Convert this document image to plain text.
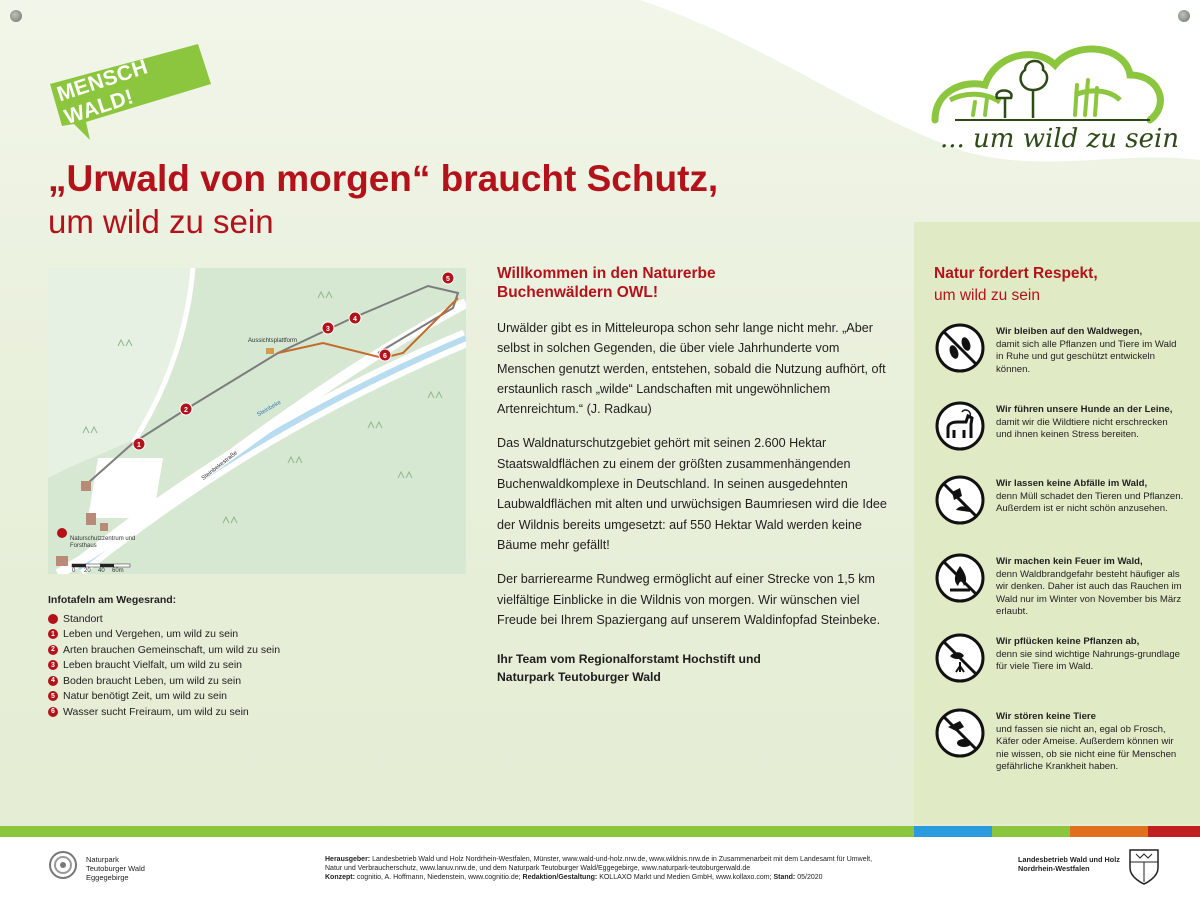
MENSCH WALD!
... um wild zu sein
„Urwald von morgen“ braucht Schutz,
um wild zu sein
1
2
3
4
5
6
Aussichtsplattform
Naturschutzzentrum und Forsthaus
Steinbekestraße
Steinbeke
0 20 40 60m
Infotafeln am Wegesrand:
Standort
1 Leben und Vergehen, um wild zu sein
2 Arten brauchen Gemeinschaft, um wild zu sein
3 Leben braucht Vielfalt, um wild zu sein
4 Boden braucht Leben, um wild zu sein
5 Natur benötigt Zeit, um wild zu sein
6 Wasser sucht Freiraum, um wild zu sein
Willkommen in den Naturerbe
Buchenwäldern OWL!

Urwälder gibt es in Mitteleuropa schon sehr lange nicht mehr. „Aber selbst in solchen Gegenden, die über viele Jahrhunderte vom Menschen genutzt werden, entstehen, sobald die Nutzung aufhört, oft erstaunlich rasch „wilde“ Landschaften mit ungewöhnlichem Artenreichtum.“ (J. Radkau)

Das Waldnaturschutzgebiet gehört mit seinen 2.600 Hektar Staatswaldflächen zu einem der größten zusammenhängenden Buchenwaldkomplexe in Deutschland. In seinen ausgedehnten Laubwaldflächen mit alten und urwüchsigen Baumriesen wird die Idee der Wildnis bereits umgesetzt: auf 550 Hektar Wald werden keine Bäume mehr gefällt!

Der barrierearme Rundweg ermöglicht auf einer Strecke von 1,5 km vielfältige Einblicke in die Wildnis von morgen. Wir wünschen viel Freude bei Ihrem Spaziergang auf unserem Waldinfopfad Steinbeke.

Ihr Team vom Regionalforstamt Hochstift und
Naturpark Teutoburger Wald
Natur fordert Respekt,
um wild zu sein
Wir bleiben auf den Waldwegen,
damit sich alle Pflanzen und Tiere im Wald in Ruhe und gut geschützt entwickeln können.
Wir führen unsere Hunde an der Leine,
damit wir die Wildtiere nicht erschrecken und ihnen keinen Stress bereiten.
Wir lassen keine Abfälle im Wald,
denn Müll schadet den Tieren und Pflanzen. Außerdem ist er nicht schön anzusehen.
Wir machen kein Feuer im Wald,
denn Waldbrandgefahr besteht häufiger als wir denken. Daher ist auch das Rauchen im Wald nur im Winter von November bis März erlaubt.
Wir pflücken keine Pflanzen ab,
denn sie sind wichtige Nahrungs-grundlage für viele Tiere im Wald.
Wir stören keine Tiere
und fassen sie nicht an, egal ob Frosch, Käfer oder Ameise. Außerdem können wir nie wissen, ob sie nicht eine für Menschen gefährliche Krankheit haben.
Naturpark
Teutoburger Wald
Eggegebirge
Herausgeber: Landesbetrieb Wald und Holz Nordrhein-Westfalen, Münster, www.wald-und-holz.nrw.de, www.wildnis.nrw.de in Zusammenarbeit mit dem Landesamt für Umwelt, Natur und Verbraucherschutz, www.lanuv.nrw.de, und dem Naturpark Teutoburger Wald/Eggegebirge, www.naturpark-teutoburgerwald.de
Konzept: cognitio, A. Hoffmann, Niedenstein, www.cognitio.de; Redaktion/Gestaltung: KOLLAXO Markt und Medien GmbH, www.kollaxo.com; Stand: 05/2020
Landesbetrieb Wald und Holz
Nordrhein-Westfalen
